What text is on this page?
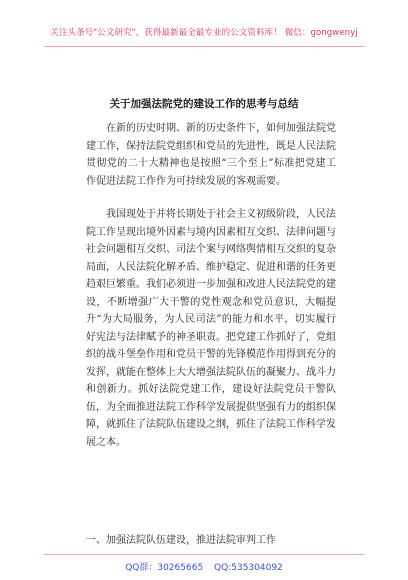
关注头条号"公文研究"，获得最新最全最专业的公文资料库！ 微信：gongwenyj
关于加强法院党的建设工作的思考与总结

在新的历史时期、新的历史条件下，如何加强法院党建工作，保持法院党组织和党员的先进性，既是人民法院贯彻党的二十大精神也是按照“三个至上”标准把党建工作促进法院工作作为可持续发展的客观需要。

我国现处于并将长期处于社会主义初级阶段，人民法院工作呈现出境外因素与境内因素相互交织、法律问题与社会问题相互交织、司法个案与网络舆情相互交织的复杂局面，人民法院化解矛盾、维护稳定、促进和谐的任务更趋艰巨繁重。我们必须进一步加强和改进人民法院党的建设，不断增强广大干警的党性观念和党员意识，大幅提升“为大局服务，为人民司法”的能力和水平，切实履行好宪法与法律赋予的神圣职责。把党建工作抓好了，党组织的战斗堡垒作用和党员干警的先锋模范作用得到充分的发挥，就能在整体上大大增强法院队伍的凝聚力、战斗力和创新力。抓好法院党建工作，建设好法院党员干警队伍，为全面推进法院工作科学发展提供坚强有力的组织保障，就抓住了法院队伍建设之纲，抓住了法院工作科学发展之本。

一、加强法院队伍建设，推进法院审判工作
QQ群：30265665 QQ:535304092
